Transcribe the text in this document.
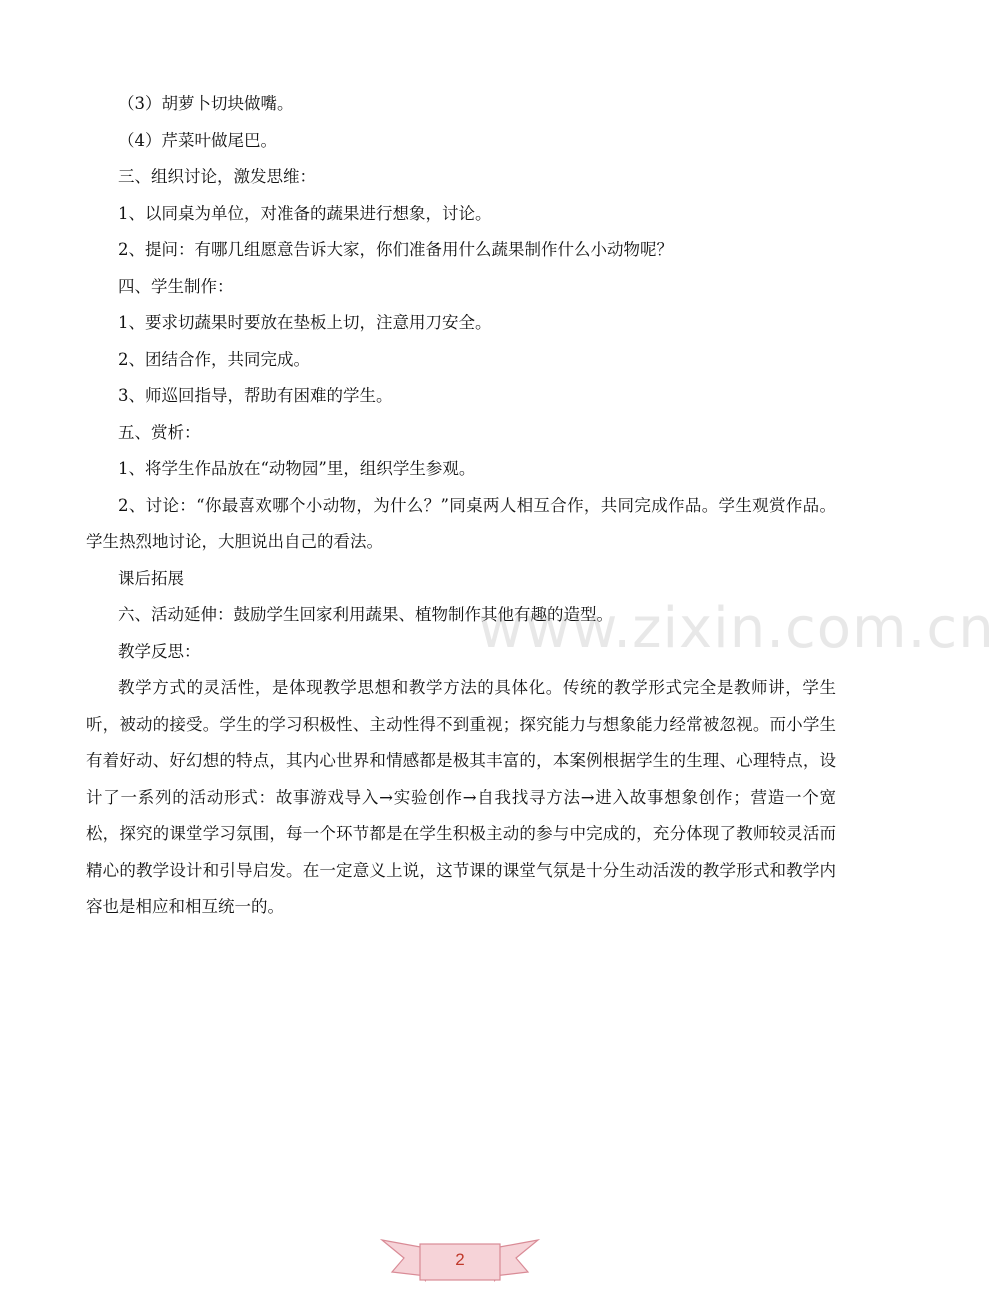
（3）胡萝卜切块做嘴。
（4）芹菜叶做尾巴。
三、组织讨论，激发思维：
1、以同桌为单位，对准备的蔬果进行想象，讨论。
2、提问：有哪几组愿意告诉大家，你们准备用什么蔬果制作什么小动物呢？
四、学生制作：
1、要求切蔬果时要放在垫板上切，注意用刀安全。
2、团结合作，共同完成。
3、师巡回指导，帮助有困难的学生。
五、赏析：
1、将学生作品放在“动物园”里，组织学生参观。
2、讨论：“你最喜欢哪个小动物，为什么？”同桌两人相互合作，共同完成作品。学生观赏作品。学生热烈地讨论，大胆说出自己的看法。
课后拓展
六、活动延伸：鼓励学生回家利用蔬果、植物制作其他有趣的造型。
教学反思：
教学方式的灵活性，是体现教学思想和教学方法的具体化。传统的教学形式完全是教师讲，学生听，被动的接受。学生的学习积极性、主动性得不到重视；探究能力与想象能力经常被忽视。而小学生有着好动、好幻想的特点，其内心世界和情感都是极其丰富的，本案例根据学生的生理、心理特点，设计了一系列的活动形式：故事游戏导入→实验创作→自我找寻方法→进入故事想象创作；营造一个宽松，探究的课堂学习氛围，每一个环节都是在学生积极主动的参与中完成的，充分体现了教师较灵活而精心的教学设计和引导启发。在一定意义上说，这节课的课堂气氛是十分生动活泼的教学形式和教学内容也是相应和相互统一的。
www.zixin.com.cn
2
